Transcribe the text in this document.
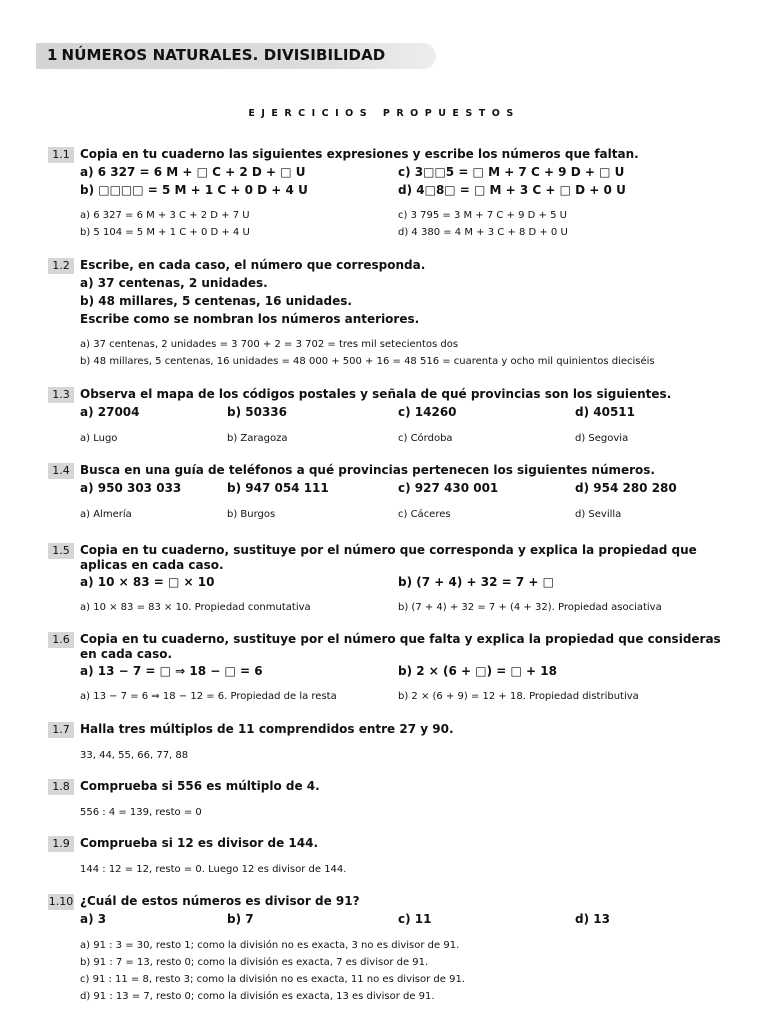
1 NÚMEROS NATURALES. DIVISIBILIDAD
EJERCICIOS PROPUESTOS
1.1 Copia en tu cuaderno las siguientes expresiones y escribe los números que faltan.
a) 6 327 = 6 M + □ C + 2 D + □ U	c) 3□□5 = □ M + 7 C + 9 D + □ U
b) □□□□ = 5 M + 1 C + 0 D + 4 U	d) 4□8□ = □ M + 3 C + □ D + 0 U
a) 6 327 = 6 M + 3 C + 2 D + 7 U	c) 3 795 = 3 M + 7 C + 9 D + 5 U
b) 5 104 = 5 M + 1 C + 0 D + 4 U	d) 4 380 = 4 M + 3 C + 8 D + 0 U
1.2 Escribe, en cada caso, el número que corresponda.
a) 37 centenas, 2 unidades.
b) 48 millares, 5 centenas, 16 unidades.
Escribe como se nombran los números anteriores.
a) 37 centenas, 2 unidades = 3 700 + 2 = 3 702 = tres mil setecientos dos
b) 48 millares, 5 centenas, 16 unidades = 48 000 + 500 + 16 = 48 516 = cuarenta y ocho mil quinientos dieciséis
1.3 Observa el mapa de los códigos postales y señala de qué provincias son los siguientes.
a) 27004	b) 50336	c) 14260	d) 40511
a) Lugo	b) Zaragoza	c) Córdoba	d) Segovia
1.4 Busca en una guía de teléfonos a qué provincias pertenecen los siguientes números.
a) 950 303 033	b) 947 054 111	c) 927 430 001	d) 954 280 280
a) Almería	b) Burgos	c) Cáceres	d) Sevilla
1.5 Copia en tu cuaderno, sustituye por el número que corresponda y explica la propiedad que aplicas en cada caso.
a) 10 × 83 = □ × 10	b) (7 + 4) + 32 = 7 + □
a) 10 × 83 = 83 × 10. Propiedad conmutativa	b) (7 + 4) + 32 = 7 + (4 + 32). Propiedad asociativa
1.6 Copia en tu cuaderno, sustituye por el número que falta y explica la propiedad que consideras en cada caso.
a) 13 − 7 = □ ⇒ 18 − □ = 6	b) 2 × (6 + □) = □ + 18
a) 13 − 7 = 6 ⇒ 18 − 12 = 6. Propiedad de la resta	b) 2 × (6 + 9) = 12 + 18. Propiedad distributiva
1.7 Halla tres múltiplos de 11 comprendidos entre 27 y 90.
33, 44, 55, 66, 77, 88
1.8 Comprueba si 556 es múltiplo de 4.
556 : 4 = 139, resto = 0
1.9 Comprueba si 12 es divisor de 144.
144 : 12 = 12, resto = 0. Luego 12 es divisor de 144.
1.10 ¿Cuál de estos números es divisor de 91?
a) 3	b) 7	c) 11	d) 13
a) 91 : 3 = 30, resto 1; como la división no es exacta, 3 no es divisor de 91.
b) 91 : 7 = 13, resto 0; como la división es exacta, 7 es divisor de 91.
c) 91 : 11 = 8, resto 3; como la división no es exacta, 11 no es divisor de 91.
d) 91 : 13 = 7, resto 0; como la división es exacta, 13 es divisor de 91.
